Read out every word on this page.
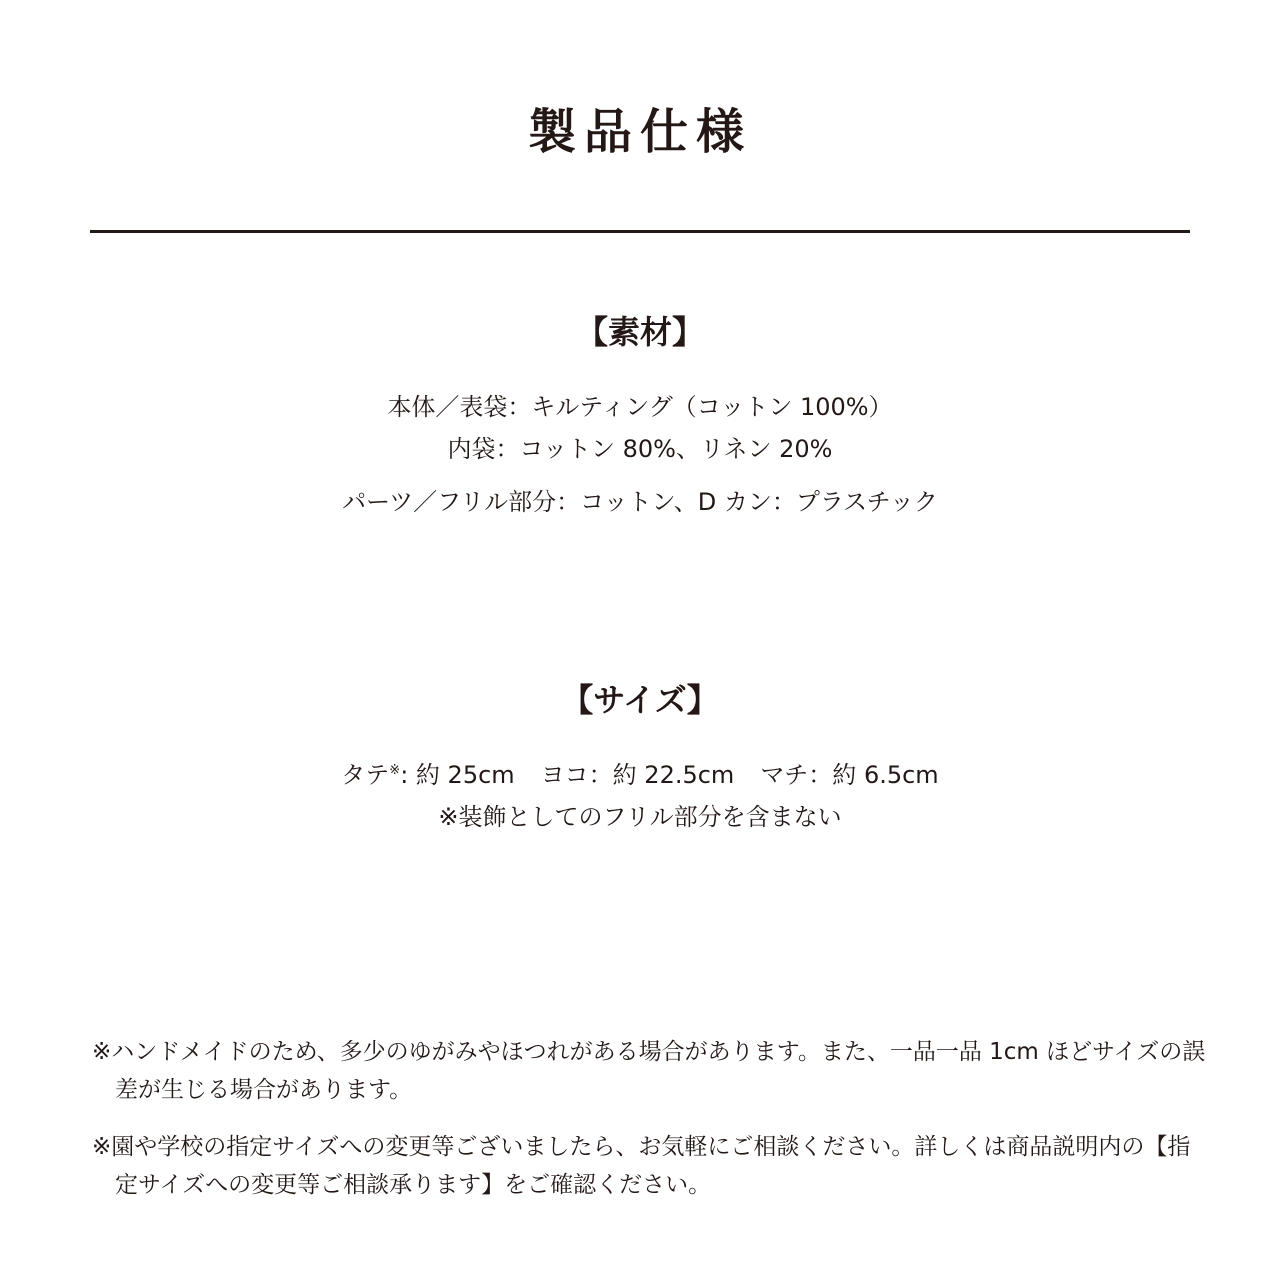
製品仕様
【素材】
本体／表袋：キルティング（コットン 100%）
内袋：コットン 80%、リネン 20%
パーツ／フリル部分：コットン、D カン：プラスチック
【サイズ】
タテ※: 約 25cm ヨコ：約 22.5cm マチ：約 6.5cm
※装飾としてのフリル部分を含まない
※ハンドメイドのため、多少のゆがみやほつれがある場合があります。また、一品一品 1cm ほどサイズの誤差が生じる場合があります。
※園や学校の指定サイズへの変更等ございましたら、お気軽にご相談ください。詳しくは商品説明内の【指定サイズへの変更等ご相談承ります】をご確認ください。
